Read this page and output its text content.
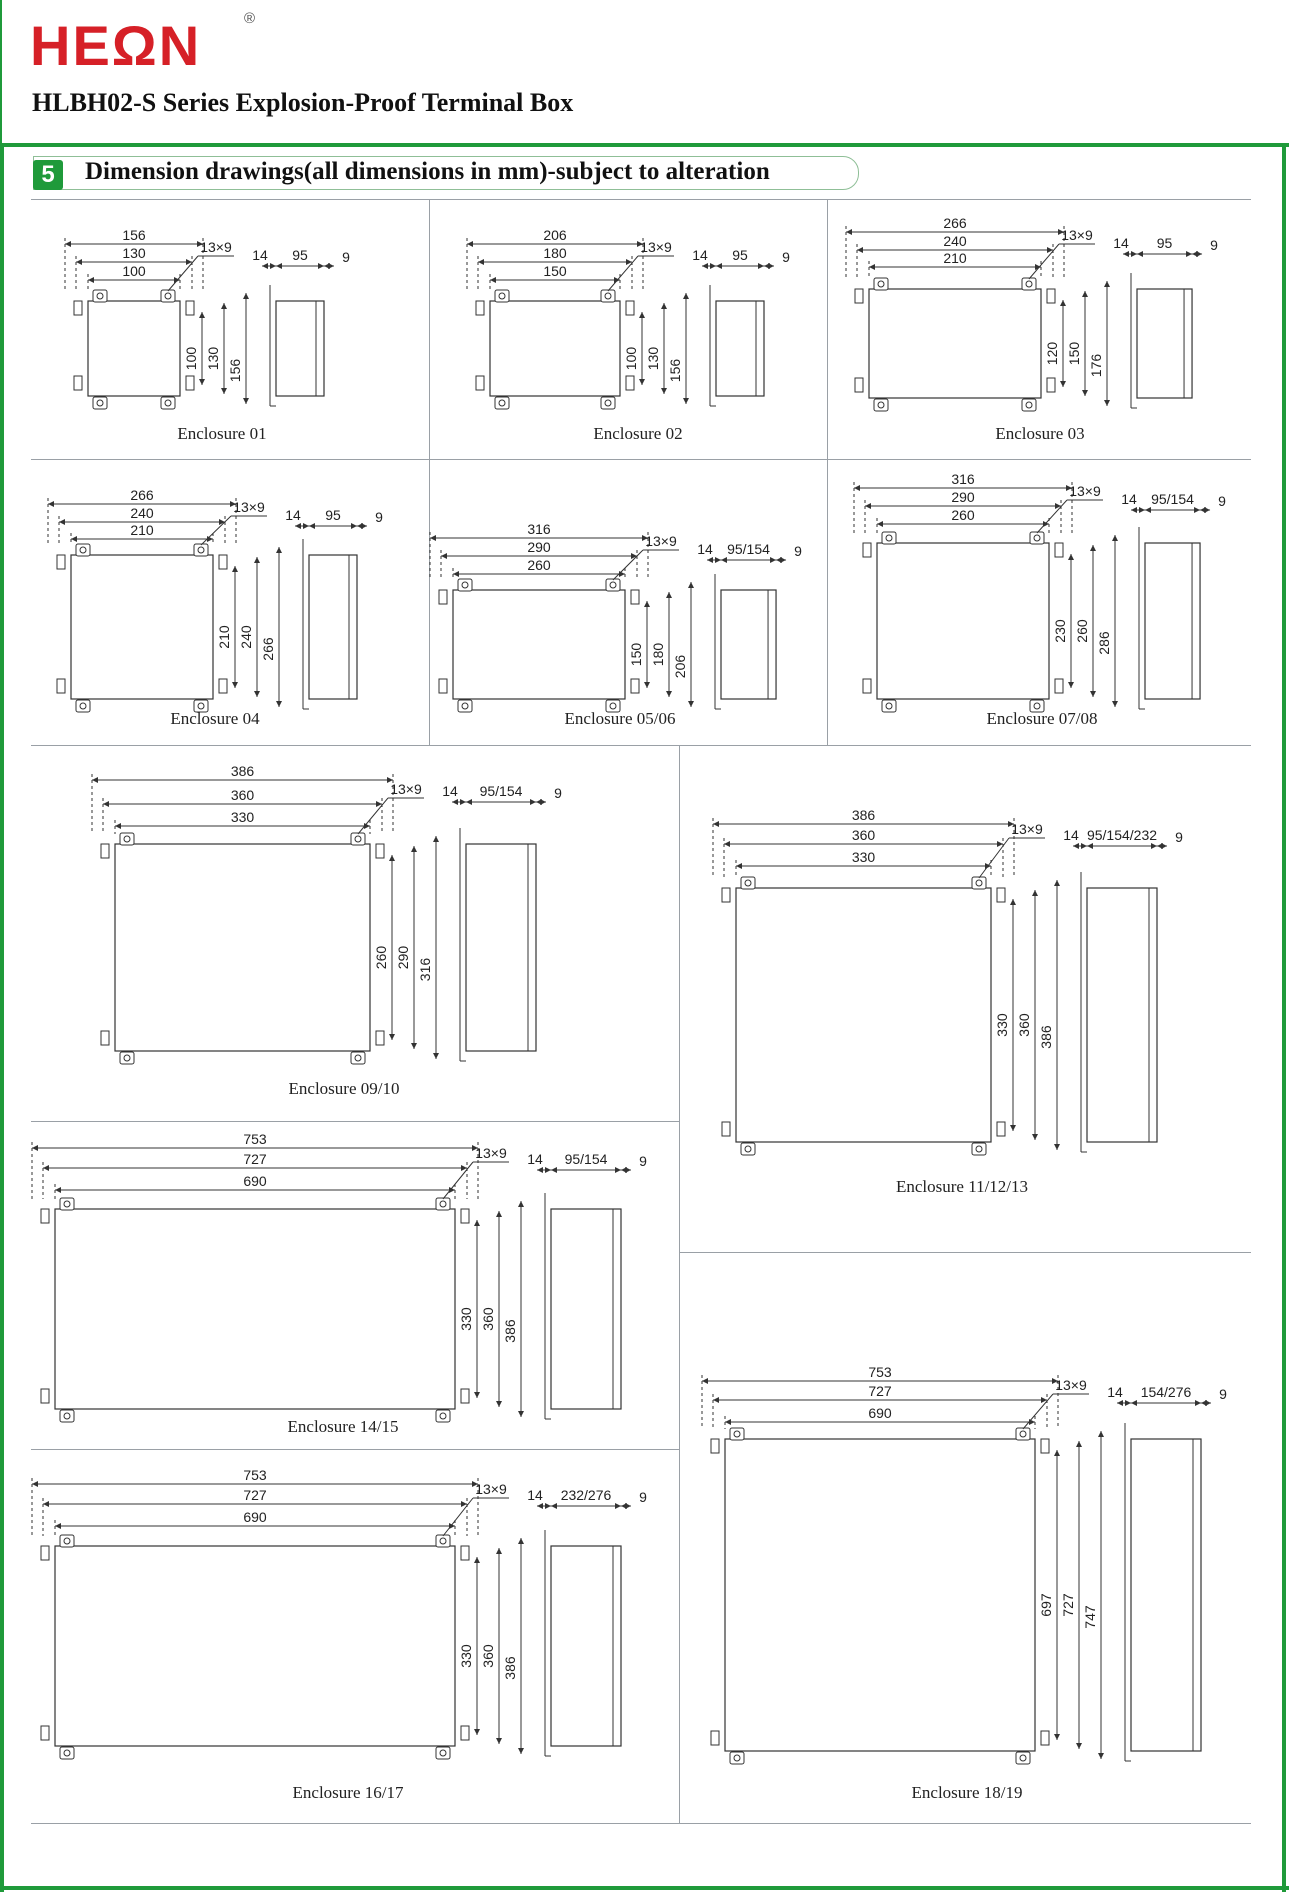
HEΩN	®
HLBH02-S Series Explosion-Proof Terminal Box
5	Dimension drawings(all dimensions in mm)-subject to alteration
156
130
100
13×9
100 130
156
14 95 9
206
180
150
13×9
100 130
156
14 95 9
266
240
210
13×9
120 150
176
14 95	9
266
240
210
13×9
210 240
266
14 95 9
316
290
260
13×9
150 180
206
14 95/154 9
316
290
260
13×9
230 260
286
14 95/154 9
386
360
330
13×9
260 290
316
14 95/154 9
386
360
330
13×9
330 360
386
14 95/154/232 9
753
727
690
13×9
330 360
386
14 95/154 9
753
727
690
13×9
330 360
386
14 232/276 9
753
727
690
13×9
697 727
747
14 154/276 9
Enclosure 01	Enclosure 02	Enclosure 03
Enclosure 04	Enclosure 05/06	Enclosure 07/08
Enclosure 09/10
Enclosure 11/12/13
Enclosure 14/15
Enclosure 16/17	Enclosure 18/19
